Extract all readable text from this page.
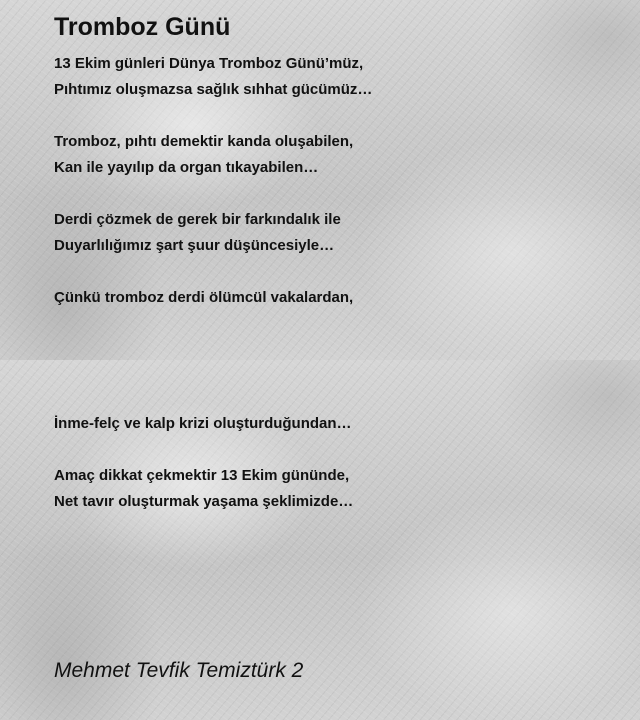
Tromboz Günü
13 Ekim günleri Dünya Tromboz Günü’müz,
Pıhtımız oluşmazsa sağlık sıhhat gücümüz…
Tromboz, pıhtı demektir kanda oluşabilen,
Kan ile yayılıp da organ tıkayabilen…
Derdi çözmek de gerek bir farkındalık ile
Duyarlılığımız şart şuur düşüncesiyle…
Çünkü tromboz derdi ölümcül vakalardan,
İnme-felç ve kalp krizi oluşturduğundan…
Amaç dikkat çekmektir 13 Ekim gününde,
Net tavır oluşturmak yaşama şeklimizde…

Mehmet Tevfik Temiztürk 2
